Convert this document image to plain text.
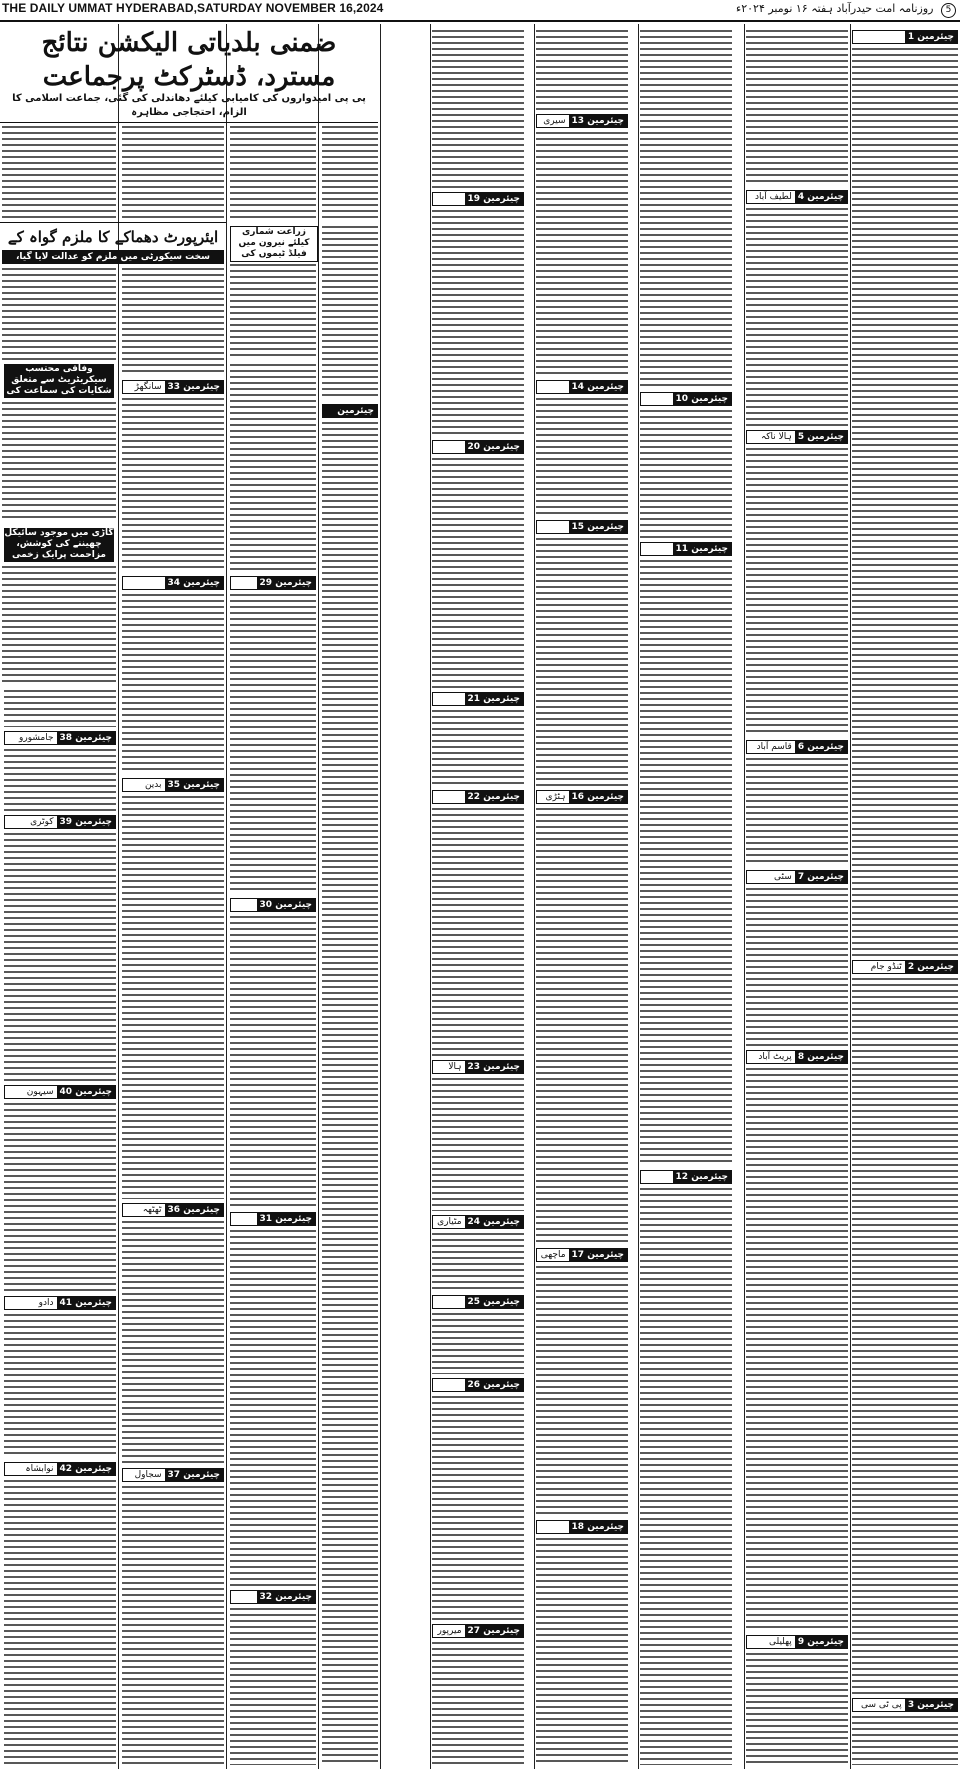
THE DAILY UMMAT HYDERABAD,SATURDAY NOVEMBER 16,2024	5 روزنامہ امت حیدرآباد ہفتہ ۱۶ نومبر ۲۰۲۴ء
ضمنی بلدیاتی الیکشن نتائج مسترد، ڈسٹرکٹ پرجماعت
پی پی امیدواروں کی کامیابی کیلئے دھاندلی کی گئی، جماعت اسلامی کا الزام، احتجاجی مظاہرہ
ایئرپورٹ دھماکے کا ملزم گواہ کے
سخت سیکورٹی میں ملزم کو عدالت لایا گیا،
زراعت شماری کیلئے نیرون میں فیلڈ ٹیموں کی
وفاقی محتسب سیکریٹریٹ سے متعلق شکایات کی سماعت کی
گاڑی میں موجود سائیکل چھیننے کی کوشش، مزاحمت پرایک زخمی
چیئرمین 1
چیئرمین 2ٹنڈو جام
چیئرمین 3پی ٹی سی
چیئرمین 4لطیف آباد
چیئرمین 5ہالا ناکہ
چیئرمین 6قاسم آباد
چیئرمین 7سٹی
چیئرمین 8پریٹ آباد
چیئرمین 9پھلیلی
چیئرمین 10
چیئرمین 11
چیئرمین 12
چیئرمین 13سیری
چیئرمین 14
چیئرمین 15
چیئرمین 16ہٹڑی
چیئرمین 17ماچھی
چیئرمین 18
چیئرمین 19
چیئرمین 20
چیئرمین 21
چیئرمین 22
چیئرمین 23ہالا
چیئرمین 24مٹیاری
چیئرمین 25
چیئرمین 26
چیئرمین 27میرپور
چیئرمین
چیئرمین 29
چیئرمین 30
چیئرمین 31
چیئرمین 32
چیئرمین 33سانگھڑ
چیئرمین 34
چیئرمین 35بدین
چیئرمین 36ٹھٹھہ
چیئرمین 37سجاول
چیئرمین 38جامشورو
چیئرمین 39کوٹری
چیئرمین 40سیہون
چیئرمین 41دادو
چیئرمین 42نوابشاہ
